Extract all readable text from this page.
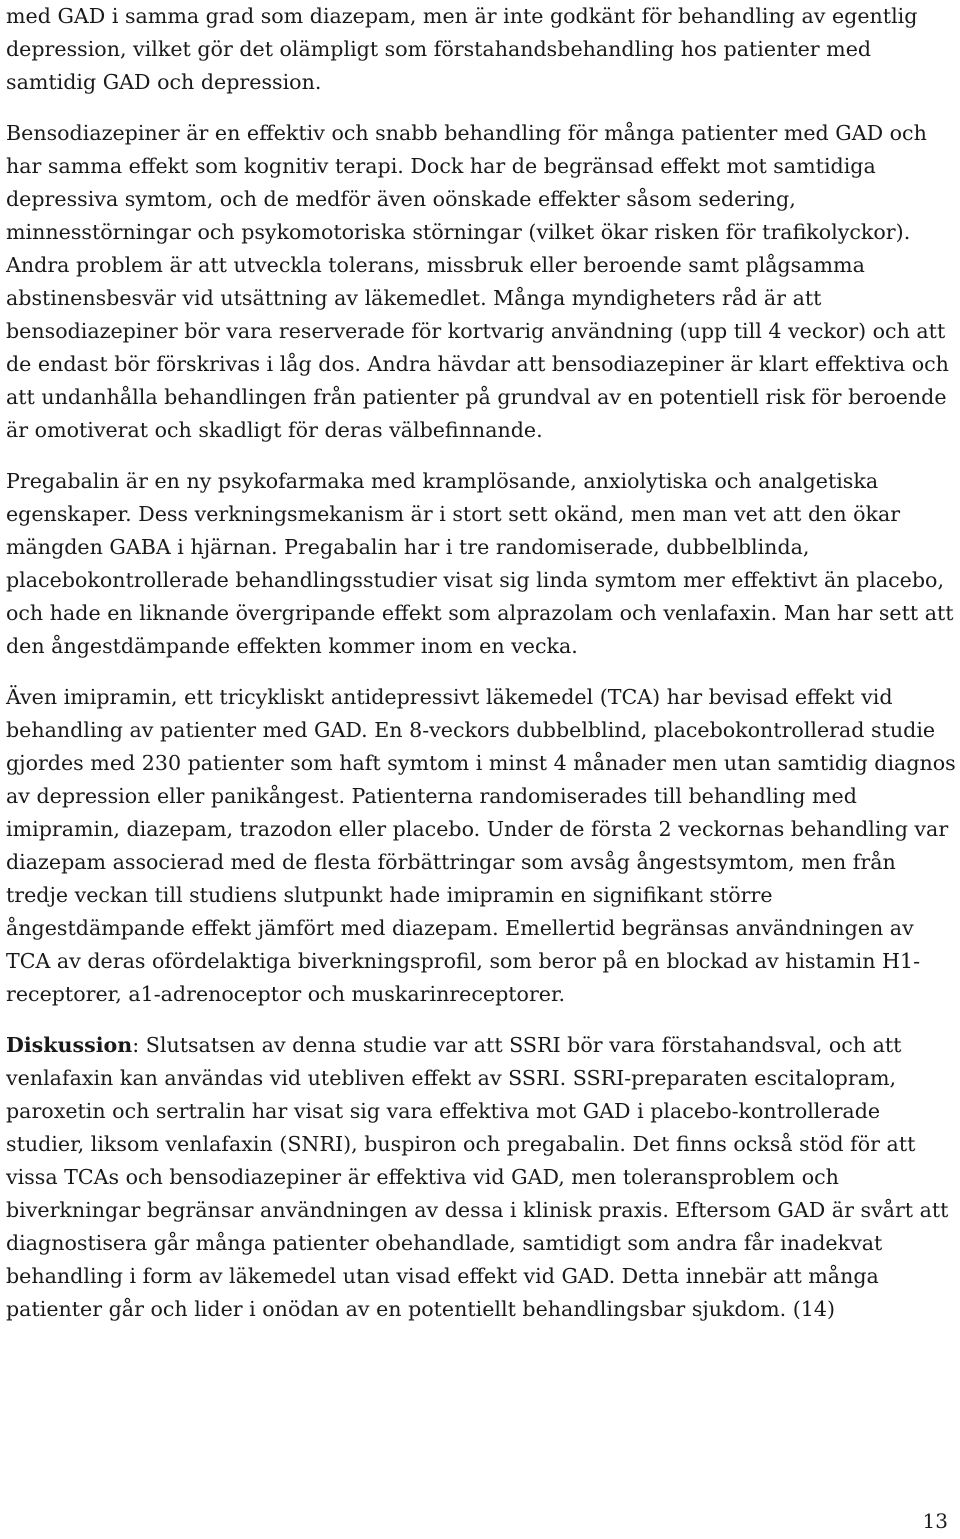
med GAD i samma grad som diazepam, men är inte godkänt för behandling av egentlig depression, vilket gör det olämpligt som förstahandsbehandling hos patienter med samtidig GAD och depression.

Bensodiazepiner är en effektiv och snabb behandling för många patienter med GAD och har samma effekt som kognitiv terapi. Dock har de begränsad effekt mot samtidiga depressiva symtom, och de medför även oönskade effekter såsom sedering, minnesstörningar och psykomotoriska störningar (vilket ökar risken för trafikolyckor). Andra problem är att utveckla tolerans, missbruk eller beroende samt plågsamma abstinensbesvär vid utsättning av läkemedlet. Många myndigheters råd är att bensodiazepiner bör vara reserverade för kortvarig användning (upp till 4 veckor) och att de endast bör förskrivas i låg dos. Andra hävdar att bensodiazepiner är klart effektiva och att undanhålla behandlingen från patienter på grundval av en potentiell risk för beroende är omotiverat och skadligt för deras välbefinnande.

Pregabalin är en ny psykofarmaka med kramplösande, anxiolytiska och analgetiska egenskaper. Dess verkningsmekanism är i stort sett okänd, men man vet att den ökar mängden GABA i hjärnan. Pregabalin har i tre randomiserade, dubbelblinda, placebokontrollerade behandlingsstudier visat sig linda symtom mer effektivt än placebo, och hade en liknande övergripande effekt som alprazolam och venlafaxin. Man har sett att den ångestdämpande effekten kommer inom en vecka.

Även imipramin, ett tricykliskt antidepressivt läkemedel (TCA) har bevisad effekt vid behandling av patienter med GAD. En 8-veckors dubbelblind, placebokontrollerad studie gjordes med 230 patienter som haft symtom i minst 4 månader men utan samtidig diagnos av depression eller panikångest. Patienterna randomiserades till behandling med imipramin, diazepam, trazodon eller placebo. Under de första 2 veckornas behandling var diazepam associerad med de flesta förbättringar som avsåg ångestsymtom, men från tredje veckan till studiens slutpunkt hade imipramin en signifikant större ångestdämpande effekt jämfört med diazepam. Emellertid begränsas användningen av TCA av deras ofördelaktiga biverkningsprofil, som beror på en blockad av histamin H1-receptorer, a1-adrenoceptor och muskarinreceptorer.

Diskussion: Slutsatsen av denna studie var att SSRI bör vara förstahandsval, och att venlafaxin kan användas vid utebliven effekt av SSRI. SSRI-preparaten escitalopram, paroxetin och sertralin har visat sig vara effektiva mot GAD i placebo-kontrollerade studier, liksom venlafaxin (SNRI), buspiron och pregabalin. Det finns också stöd för att vissa TCAs och bensodiazepiner är effektiva vid GAD, men toleransproblem och biverkningar begränsar användningen av dessa i klinisk praxis. Eftersom GAD är svårt att diagnostisera går många patienter obehandlade, samtidigt som andra får inadekvat behandling i form av läkemedel utan visad effekt vid GAD. Detta innebär att många patienter går och lider i onödan av en potentiellt behandlingsbar sjukdom. (14)

13
